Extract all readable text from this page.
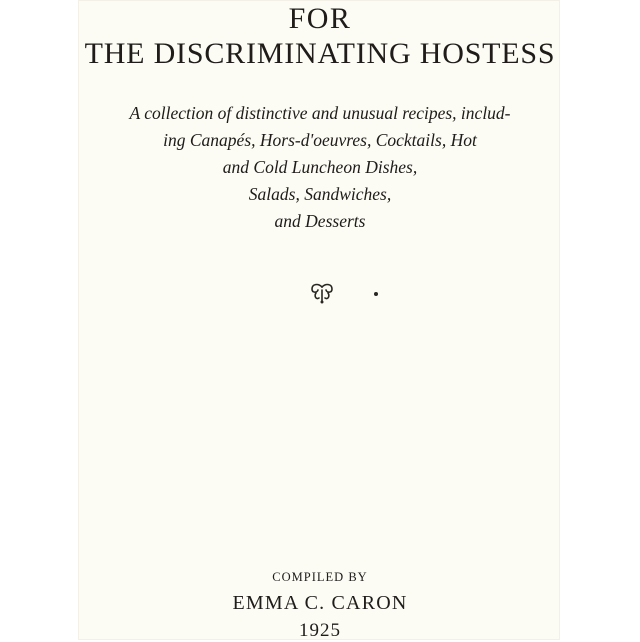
FOR
THE DISCRIMINATING HOSTESS
A collection of distinctive and unusual recipes, includ-
ing Canapés, Hors-d'oeuvres, Cocktails, Hot
and Cold Luncheon Dishes,
Salads, Sandwiches,
and Desserts
COMPILED BY
EMMA C. CARON
1925
